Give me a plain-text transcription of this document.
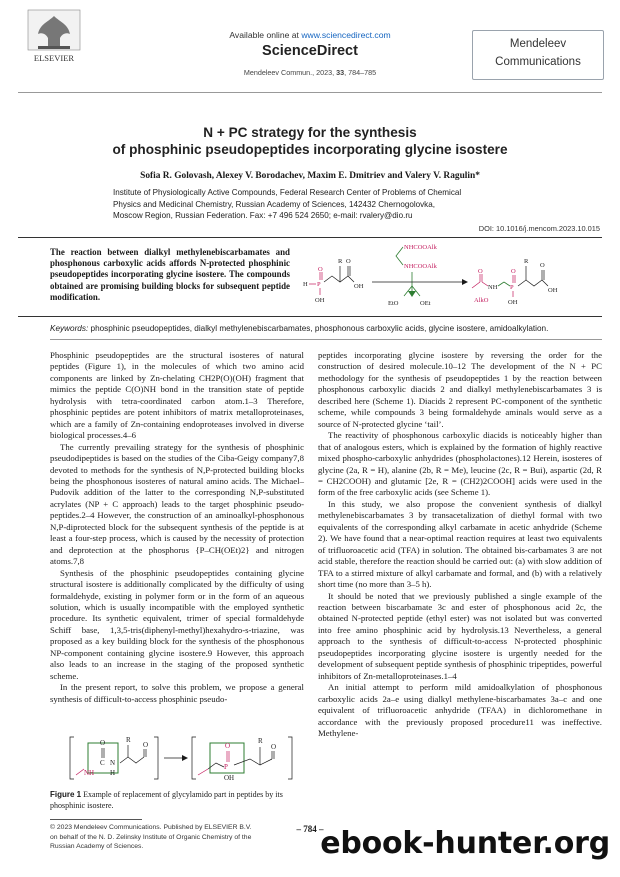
ELSEVIER
Available online at www.sciencedirect.com
ScienceDirect
Mendeleev Commun., 2023, 33, 784–785
Mendeleev
Communications
N + PC strategy for the synthesis
of phosphinic pseudopeptides incorporating glycine isostere
Sofia R. Golovash, Alexey V. Borodachev, Maxim E. Dmitriev and Valery V. Ragulin*
Institute of Physiologically Active Compounds, Federal Research Center of Problems of Chemical
Physics and Medicinal Chemistry, Russian Academy of Sciences, 142432 Chernogolovka,
Moscow Region, Russian Federation. Fax: +7 496 524 2650; e-mail: rvalery@dio.ru
DOI: 10.1016/j.mencom.2023.10.015
The reaction between dialkyl methylenebiscarbamates and phosphonous carboxylic acids affords N-protected phosphinic pseudopeptides incorporating glycine isostere. The compounds obtained are promising building blocks for subsequent peptide modification.
H P
O
OH
R O
OH
NHCOOAlk
NHCOOAlk
EtO	OEt	AlkO
O
NH P
O
OH
R
O
OH
Keywords: phosphinic pseudopeptides, dialkyl methylenebiscarbamates, phosphonous carboxylic acids, glycine isostere, amidoalkylation.

Phosphinic pseudopeptides are the structural isosteres of natural peptides (Figure 1), in the molecules of which two amino acid components are linked by Zn-chelating CH2P(O)(OH) fragment that mimics the peptide C(O)NH bond in the transition state of peptide hydrolysis with tetra-coordinated carbon atom.1–3 Therefore, phosphinic peptides are potent inhibitors of matrix metalloproteinases, which are a family of Zn-containing endoproteases involved in diverse biological processes.4–6

The currently prevailing strategy for the synthesis of phosphinic pseudodipeptides is based on the studies of the Ciba-Geigy company7,8 devoted to methods for the synthesis of N,P-protected building blocks being the phosphonous isosteres of natural amino acids. The Michael–Pudovik addition of the latter to the corresponding N,P-substituted acrylates (NP + C approach) leads to the target phosphinic pseudo-peptides.2–4 However, the construction of an aminoalkyl-phosphonous N,P-diprotected block for the subsequent synthesis of the peptide is at least a four-step process, which is caused by the necessity of protection and deprotection at the phosphorus {P–CH(OEt)2} and nitrogen atoms.7,8

Synthesis of the phosphinic pseudopeptides containing glycine structural isostere is additionally complicated by the difficulty of using formaldehyde, existing in polymer form or in the form of an aqueous solution, which is usually incompatible with the employed synthetic procedure. Its synthetic equivalent, trimer of special formaldehyde Schiff base, 1,3,5-tris(diphenyl-methyl)hexahydro-s-triazine, was proposed as a key building block for the synthesis of the phosphonous NP-component containing glycine isostere.9 However, this approach also leads to an increase in the staging of the proposed synthetic scheme.

In the present report, to solve this problem, we propose a general synthesis of difficult-to-access phosphinic pseudo-

peptides incorporating glycine isostere by reversing the order for the construction of desired molecule.10–12 The development of the N + PC methodology for the synthesis of pseudopeptides 1 by the reaction between phosphonous carboxylic diacids 2 and dialkyl methylenebiscarbamates 3 is described here (Scheme 1). Diacids 2 represent PC-component of the synthetic scheme, while compounds 3 being formaldehyde aminals would serve as a source of N-protected glycine ‘tail’.

The reactivity of phosphonous carboxylic diacids is noticeably higher than that of analogous esters, which is explained by the formation of highly reactive mixed phospho-carboxylic anhydrides (phospholactones).12 Herein, isosteres of glycine (2a, R = H), alanine (2b, R = Me), leucine (2c, R = Bui), aspartic (2d, R = CH2COOH) and glutamic [2e, R = (CH2)2COOH] acids were used in the form of the free carboxylic acids (see Scheme 1).

In this study, we also propose the convenient synthesis of dialkyl methylenebiscarbamates 3 by transacetalization of diethyl formal with two equivalents of the corresponding alkyl carbamate in acetic anhydride (Scheme 2). We have found that a near-optimal reaction requires at least two equivalents of trifluoroacetic acid (TFA) in solution. The obtained bis-carbamates 3 are not acid stable, therefore the reaction should be carried out: (a) with slow addition of TFA to a stirred mixture of alkyl carbamate and formal, and (b) with a relatively short time (no more than 3–5 h).

It should be noted that we previously published a single example of the reaction between biscarbamate 3c and ester of phosphonous acid 2c, the obtained N-protected peptide (ethyl ester) was not isolated but was converted into free amino phosphinic acid by hydrolysis.13 Nevertheless, a general approach to the synthesis of difficult-to-access N-protected phosphinic pseudopeptides incorporating glycine isostere is urgently needed for the development of subsequent peptide synthesis of phosphinic tripeptides, powerful inhibitors of Zn-metalloproteinases.1–4

An initial attempt to perform mild amidoalkylation of phosphonous carboxylic acids 2a–e using dialkyl methylene-biscarbamates 3a–c and one equivalent of trifluoroacetic anhydride (TFAA) in dichloromethane in accordance with the previously proposed procedure11 was ineffective. Methylene-

NH
C
O
N
H
R
O
P
O
OH
R
O
Figure 1 Example of replacement of glycylamido part in peptides by its phosphinic isostere.
© 2023 Mendeleev Communications. Published by ELSEVIER B.V.
on behalf of the N. D. Zelinsky Institute of Organic Chemistry of the
Russian Academy of Sciences.
– 784 –
ebook-hunter.org
